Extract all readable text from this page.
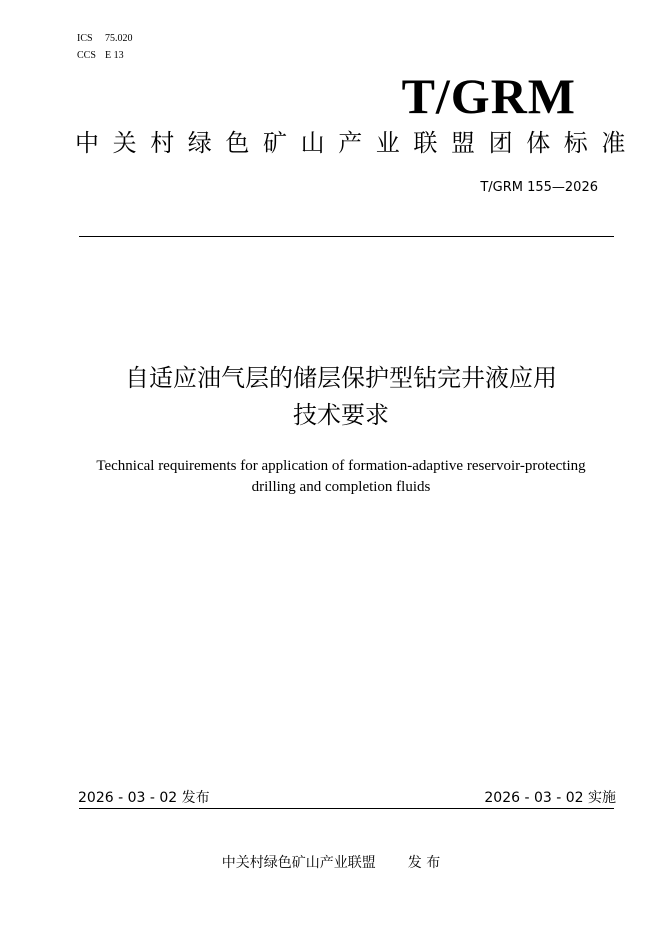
ICS 75.020
CCS E 13
T/GRM
中关村绿色矿山产业联盟团体标准
T/GRM 155—2026
自适应油气层的储层保护型钻完井液应用
技术要求
Technical requirements for application of formation-adaptive reservoir-protecting
drilling and completion fluids
2026 - 03 - 02 发布	2026 - 03 - 02 实施
中关村绿色矿山产业联盟 发 布
